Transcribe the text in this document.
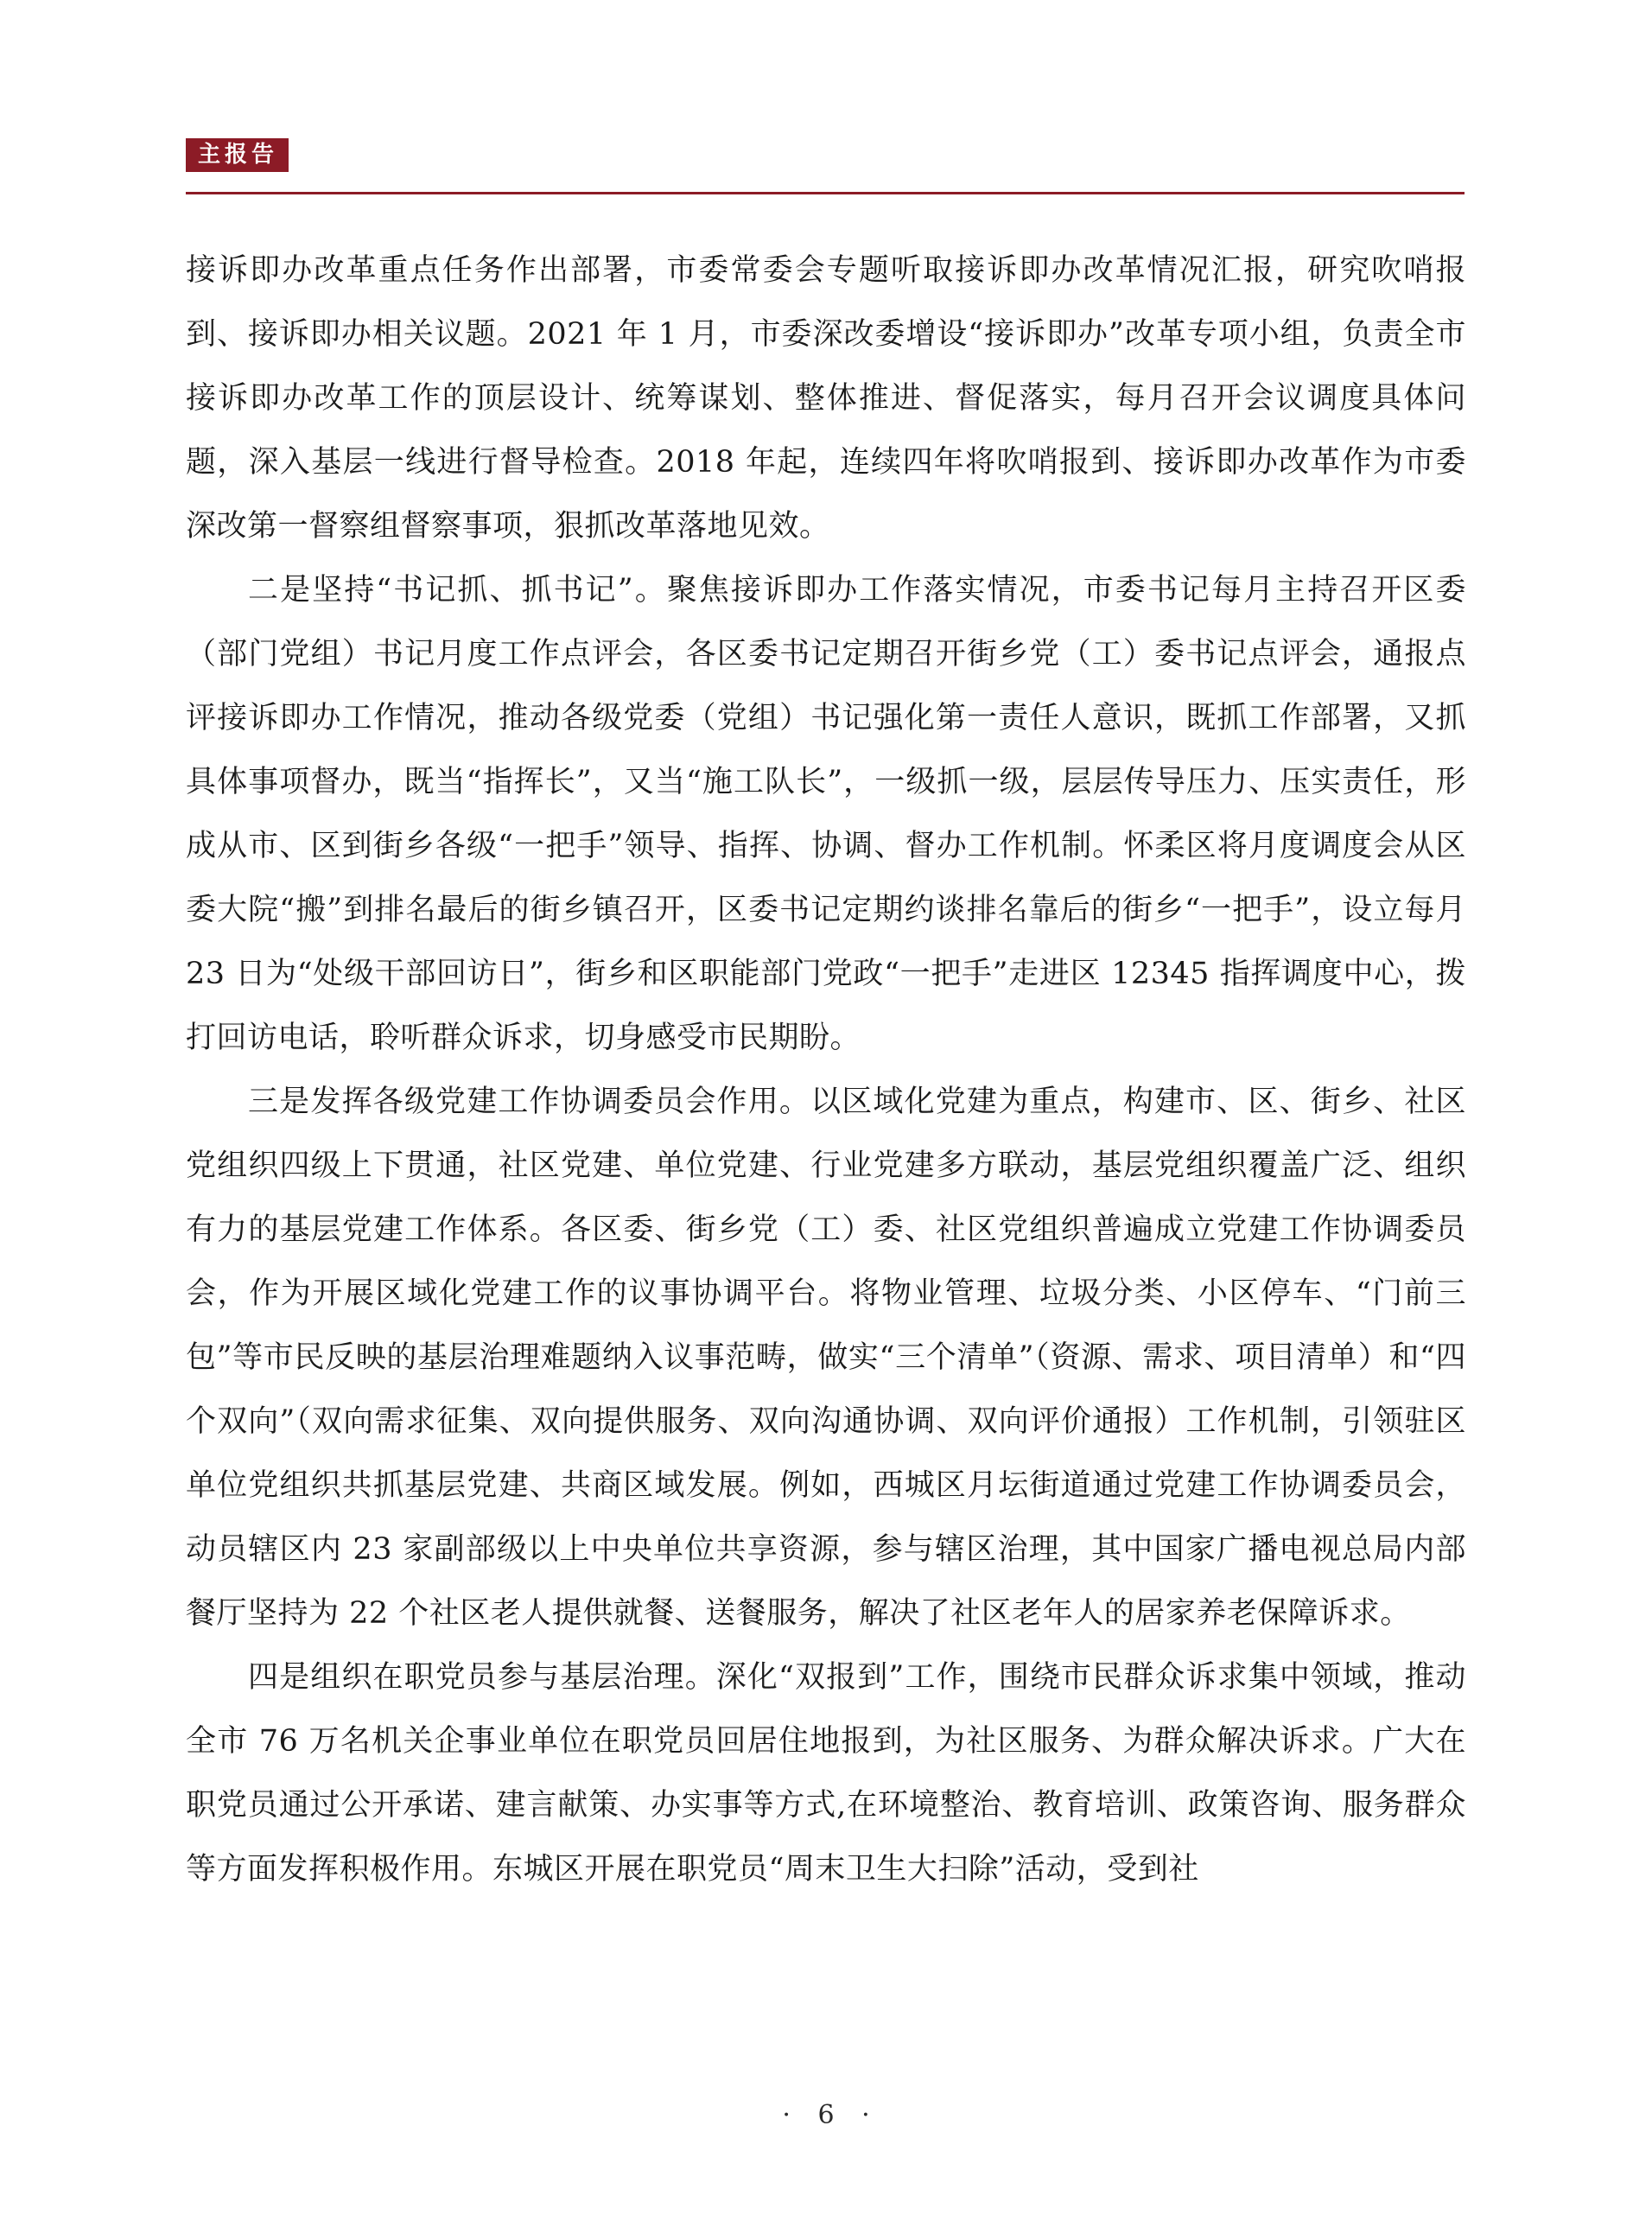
主报告

接诉即办改革重点任务作出部署，市委常委会专题听取接诉即办改革情况汇报，研究吹哨报到、接诉即办相关议题。2021 年 1 月，市委深改委增设“接诉即办”改革专项小组，负责全市接诉即办改革工作的顶层设计、统筹谋划、整体推进、督促落实，每月召开会议调度具体问题，深入基层一线进行督导检查。2018 年起，连续四年将吹哨报到、接诉即办改革作为市委深改第一督察组督察事项，狠抓改革落地见效。

二是坚持“书记抓、抓书记”。聚焦接诉即办工作落实情况，市委书记每月主持召开区委（部门党组）书记月度工作点评会，各区委书记定期召开街乡党（工）委书记点评会，通报点评接诉即办工作情况，推动各级党委（党组）书记强化第一责任人意识，既抓工作部署，又抓具体事项督办，既当“指挥长”，又当“施工队长”，一级抓一级，层层传导压力、压实责任，形成从市、区到街乡各级“一把手”领导、指挥、协调、督办工作机制。怀柔区将月度调度会从区委大院“搬”到排名最后的街乡镇召开，区委书记定期约谈排名靠后的街乡“一把手”，设立每月 23 日为“处级干部回访日”，街乡和区职能部门党政“一把手”走进区 12345 指挥调度中心，拨打回访电话，聆听群众诉求，切身感受市民期盼。

三是发挥各级党建工作协调委员会作用。以区域化党建为重点，构建市、区、街乡、社区党组织四级上下贯通，社区党建、单位党建、行业党建多方联动，基层党组织覆盖广泛、组织有力的基层党建工作体系。各区委、街乡党（工）委、社区党组织普遍成立党建工作协调委员会，作为开展区域化党建工作的议事协调平台。将物业管理、垃圾分类、小区停车、“门前三包”等市民反映的基层治理难题纳入议事范畴，做实“三个清单”（资源、需求、项目清单）和“四个双向”（双向需求征集、双向提供服务、双向沟通协调、双向评价通报）工作机制，引领驻区单位党组织共抓基层党建、共商区域发展。例如，西城区月坛街道通过党建工作协调委员会，动员辖区内 23 家副部级以上中央单位共享资源，参与辖区治理，其中国家广播电视总局内部餐厅坚持为 22 个社区老人提供就餐、送餐服务，解决了社区老年人的居家养老保障诉求。

四是组织在职党员参与基层治理。深化“双报到”工作，围绕市民群众诉求集中领域，推动全市 76 万名机关企事业单位在职党员回居住地报到，为社区服务、为群众解决诉求。广大在职党员通过公开承诺、建言献策、办实事等方式,在环境整治、教育培训、政策咨询、服务群众等方面发挥积极作用。东城区开展在职党员“周末卫生大扫除”活动，受到社

· 6 ·
